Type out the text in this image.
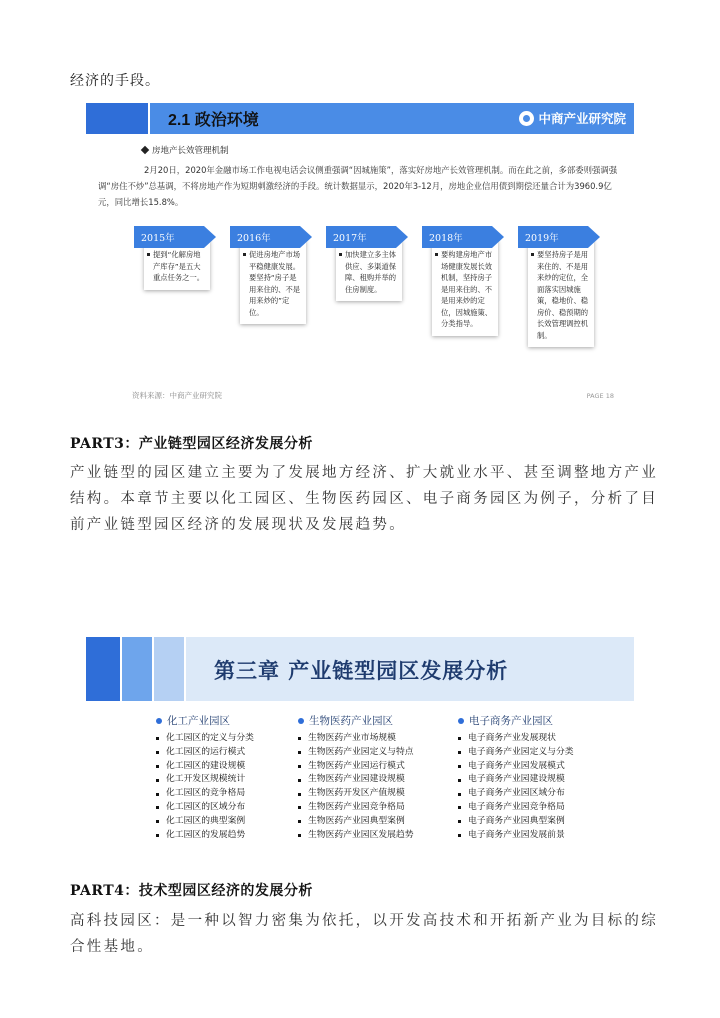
经济的手段。
2.1 政治环境	中商产业研究院
房地产长效管理机制
2月20日，2020年金融市场工作电视电话会议侧重强调“因城施策”，落实好房地产长效管理机制。而在此之前，多部委则强调强调“房住不炒”总基调，不将房地产作为短期刺激经济的手段。统计数据显示，2020年3-12月，房地企业信用债到期偿还量合计为3960.9亿元，同比增长15.8%。
提到“化解房地产库存”是五大重点任务之一。
2015年
促进房地产市场平稳健康发展。要坚持“房子是用来住的、不是用来炒的”定位。
2016年
加快建立多主体供应、多渠道保障、租购并举的住房制度。
2017年
要构建房地产市场健康发展长效机制，坚持房子是用来住的、不是用来炒的定位，因城施策、分类指导。
2018年
要坚持房子是用来住的、不是用来炒的定位，全面落实因城施策，稳地价、稳房价、稳预期的长效管理调控机制。
2019年
资料来源：中商产业研究院	PAGE 18
PART3：产业链型园区经济发展分析
产业链型的园区建立主要为了发展地方经济、扩大就业水平、甚至调整地方产业结构。本章节主要以化工园区、生物医药园区、电子商务园区为例子，分析了目前产业链型园区经济的发展现状及发展趋势。
第三章 产业链型园区发展分析
化工产业园区
化工园区的定义与分类
化工园区的运行模式
化工园区的建设规模
化工开发区规模统计
化工园区的竞争格局
化工园区的区域分布
化工园区的典型案例
化工园区的发展趋势
生物医药产业园区
生物医药产业市场规模
生物医药产业园定义与特点
生物医药产业园运行模式
生物医药产业园建设规模
生物医药开发区产值规模
生物医药产业园竞争格局
生物医药产业园典型案例
生物医药产业园区发展趋势
电子商务产业园区
电子商务产业发展现状
电子商务产业园定义与分类
电子商务产业园发展模式
电子商务产业园建设规模
电子商务产业园区域分布
电子商务产业园竞争格局
电子商务产业园典型案例
电子商务产业园发展前景
PART4：技术型园区经济的发展分析
高科技园区：是一种以智力密集为依托，以开发高技术和开拓新产业为目标的综合性基地。
